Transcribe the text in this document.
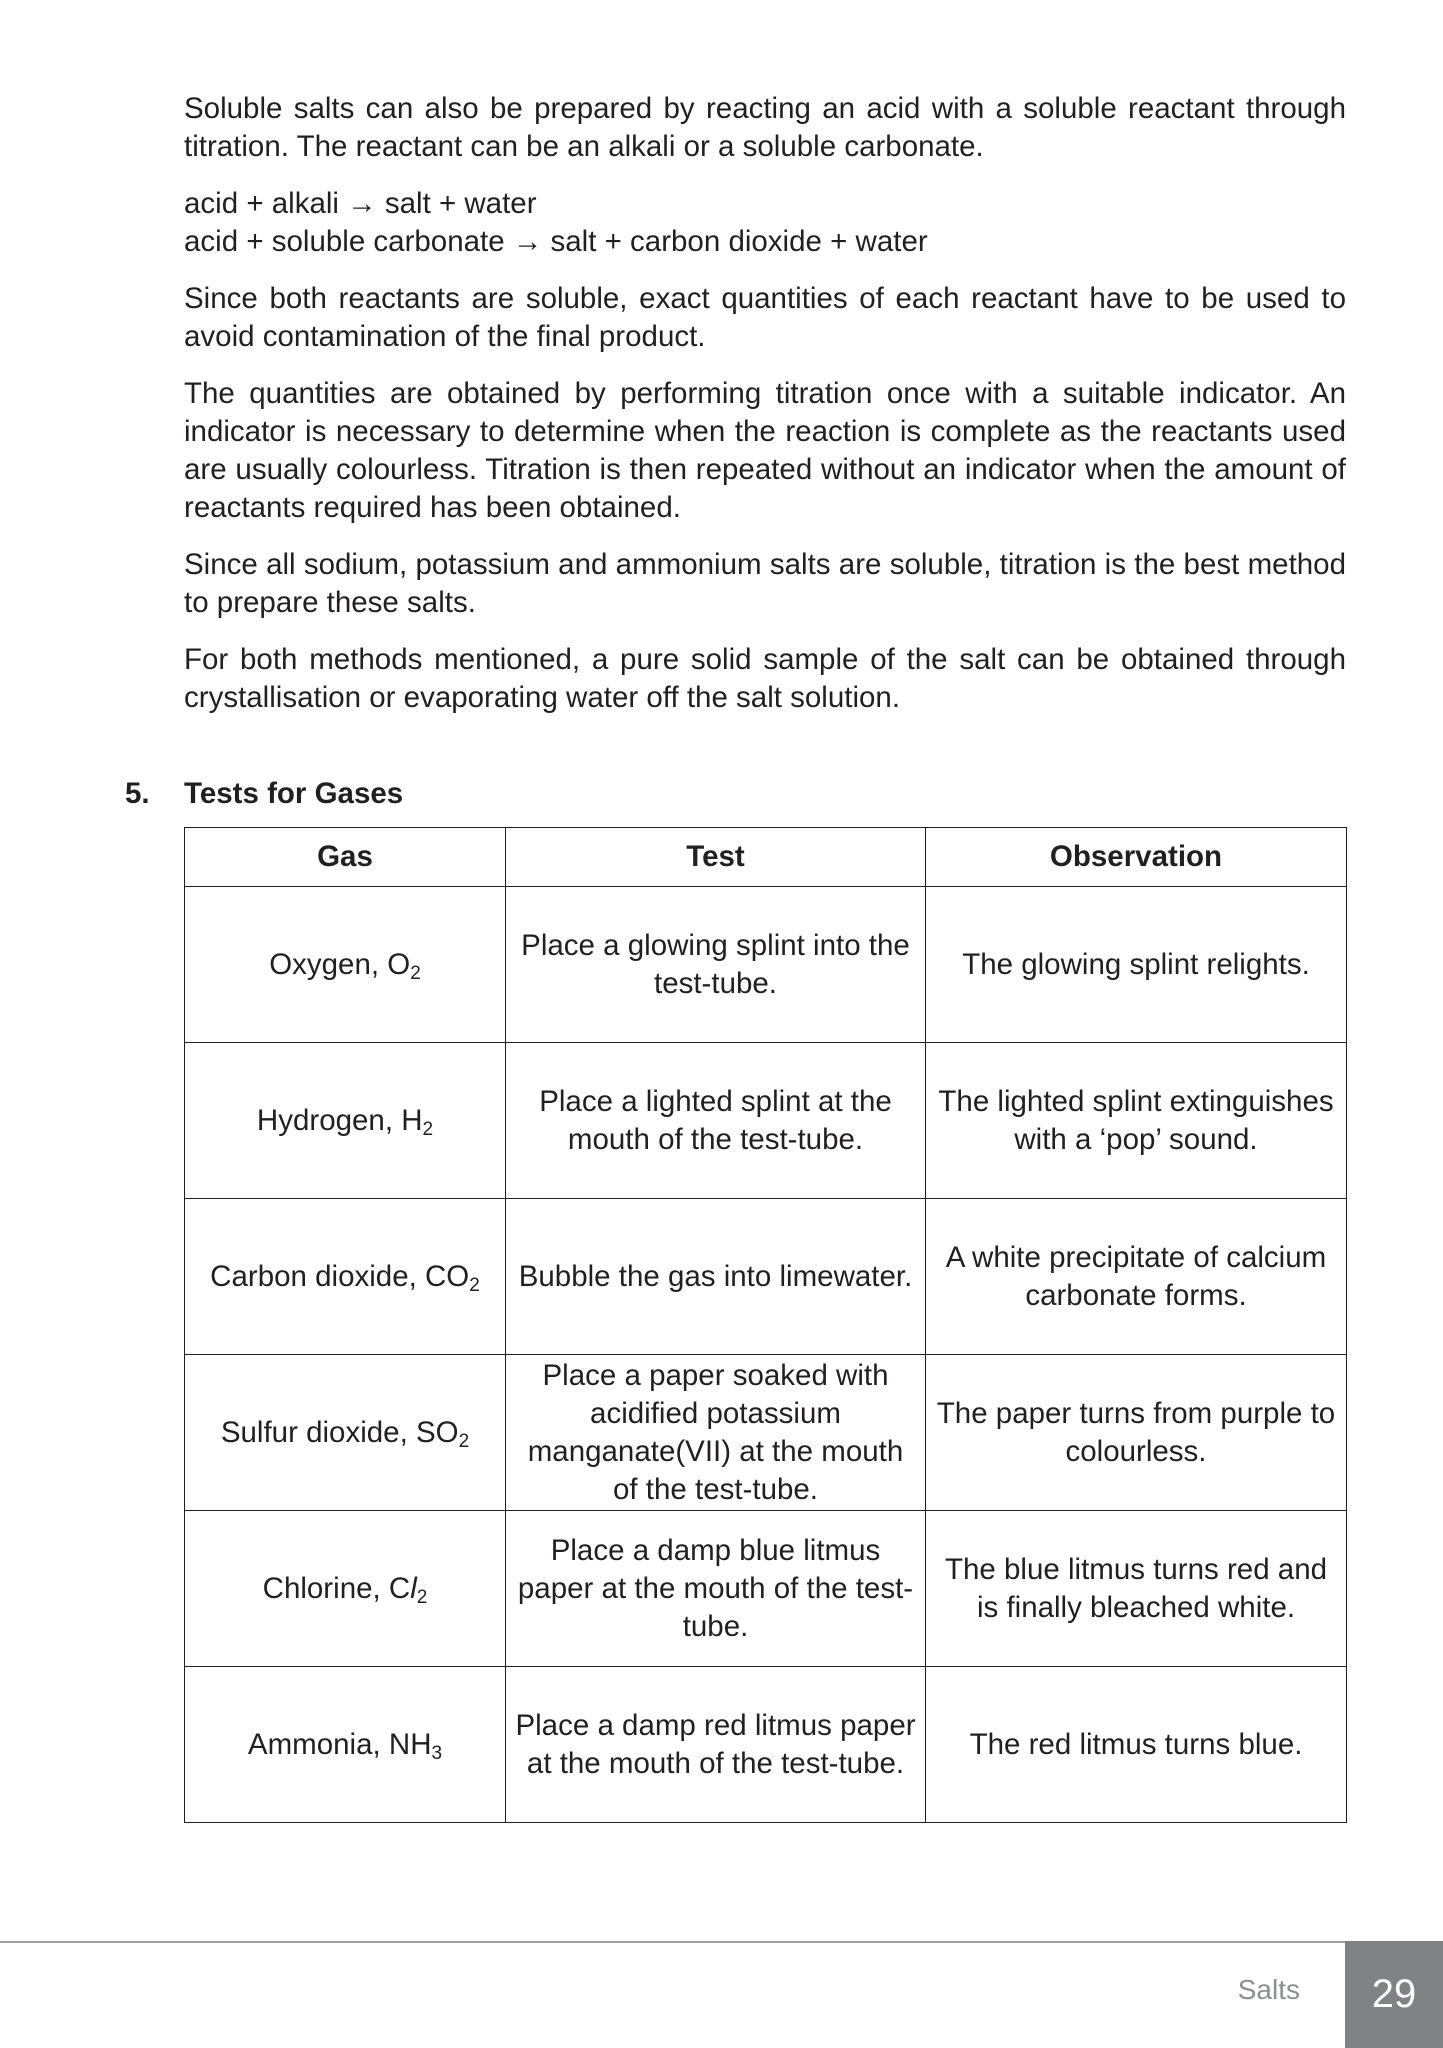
Soluble salts can also be prepared by reacting an acid with a soluble reactant through titration. The reactant can be an alkali or a soluble carbonate.

acid + alkali → salt + water
acid + soluble carbonate → salt + carbon dioxide + water

Since both reactants are soluble, exact quantities of each reactant have to be used to avoid contamination of the final product.

The quantities are obtained by performing titration once with a suitable indicator. An indicator is necessary to determine when the reaction is complete as the reactants used are usually colourless. Titration is then repeated without an indicator when the amount of reactants required has been obtained.

Since all sodium, potassium and ammonium salts are soluble, titration is the best method to prepare these salts.

For both methods mentioned, a pure solid sample of the salt can be obtained through crystallisation or evaporating water off the salt solution.

5. Tests for Gases
Gas	Test	Observation
Oxygen, $O_2$	Place a glowing splint into the test-tube.	The glowing splint relights.
Hydrogen, $H_2$	Place a lighted splint at the mouth of the test-tube.	The lighted splint extinguishes with a ‘pop’ sound.
Carbon dioxide, $CO_2$	Bubble the gas into limewater.	A white precipitate of calcium carbonate forms.
Sulfur dioxide, $SO_2$	Place a paper soaked with acidified potassium manganate(VII) at the mouth of the test-tube.	The paper turns from purple to colourless.
Chlorine, $Cl_2$	Place a damp blue litmus paper at the mouth of the test-tube.	The blue litmus turns red and is finally bleached white.
Ammonia, $NH_3$	Place a damp red litmus paper at the mouth of the test-tube.	The red litmus turns blue.
Salts	29
